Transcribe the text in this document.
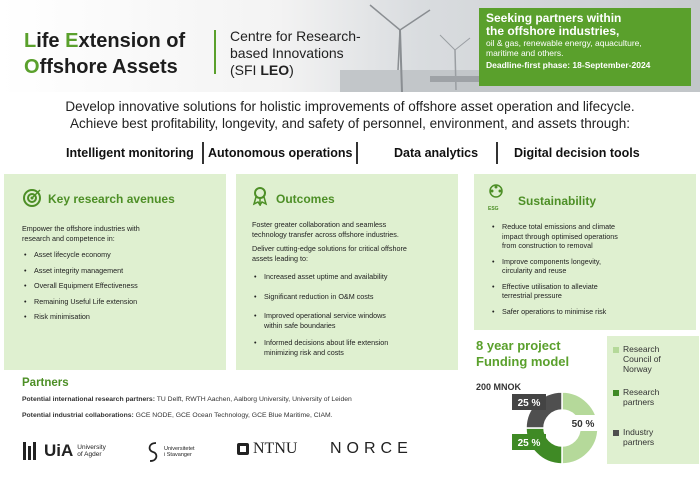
Life Extension of
Offshore Assets
Centre for Research-
based Innovations
(SFI LEO)
Seeking partners within
the offshore industries,
oil & gas, renewable energy, aquaculture,
maritime and others.
Deadline-first phase: 18-September-2024
Develop innovative solutions for holistic improvements of offshore asset operation and lifecycle.
Achieve best profitability, longevity, and safety of personnel, environment, and assets through:
Intelligent monitoring Autonomous operations	Data analytics	Digital decision tools
Key research avenues
Empower the offshore industries with
research and competence in:
• Asset lifecycle economy
• Asset integrity management
• Overall Equipment Effectiveness
• Remaining Useful Life extension
• Risk minimisation
Outcomes
Foster greater collaboration and seamless
technology transfer across offshore industries.
Deliver cutting-edge solutions for critical offshore
assets leading to:
• Increased asset uptime and availability
• Significant reduction in O&M costs
• Improved operational service windows
within safe boundaries
• Informed decisions about life extension
minimizing risk and costs
ESG
Sustainability
• Reduce total emissions and climate
impact through optimised operations
from construction to removal
• Improve components longevity,
circularity and reuse
• Effective utilisation to alleviate
terrestrial pressure
• Safer operations to minimise risk
8 year project
Funding model
200 MNOK
25 %
50 %
25 %
Research
Council of
Norway
Research
partners
Industry
partners
Partners
Potential international research partners: TU Delft, RWTH Aachen, Aalborg University, University of Leiden
Potential industrial collaborations: GCE NODE, GCE Ocean Technology, GCE Blue Maritime, CIAM.
UiA University
of Agder
Universitetet
i Stavanger	NTNU NORCE
